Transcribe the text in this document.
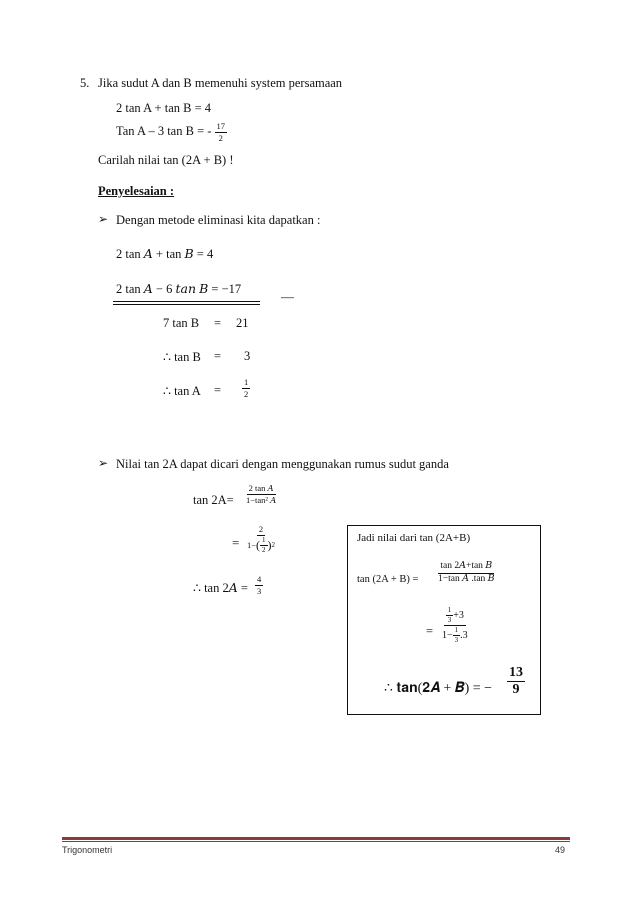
5. Jika sudut A dan B memenuhi system persamaan
2 tan A + tan B = 4
Tan A – 3 tan B = - $\frac{17}{2}$
Carilah nilai tan (2A + B) !
Penyelesaian :
➢ Dengan metode eliminasi kita dapatkan :
2 tan 𝐴 + tan 𝐵 = 4
2 tan 𝐴 − 6 𝑡𝑎𝑛 𝐵 = −17	—
7 tan B = 21
∴ tan B = 3
∴ $\tan A = \frac{1}{2}$
➢ Nilai tan 2A dapat dicari dengan menggunakan rumus sudut ganda
$\tan 2A= \frac{\text{2 tan 𝐴}}{\text{1−tan² 𝐴}}$
= $\frac{2}{1- ( \frac{1}{2} ) 2}$
∴ tan 2𝐴 = $\frac{4}{3}$
Jadi nilai dari tan (2A+B)
$\tan (2A + B) = \frac{\text{tan 2𝐴+tan 𝐵}}{\text{1−tan 𝐴 .tan 𝐵}}$
= $\frac{\frac{1}{3} +3}{1- \frac{1}{3} .3}$
∴ 𝐭𝐚𝐧(𝟐𝑨 + 𝑩) = − $\frac{13}{9}$
Trigonometri	49
